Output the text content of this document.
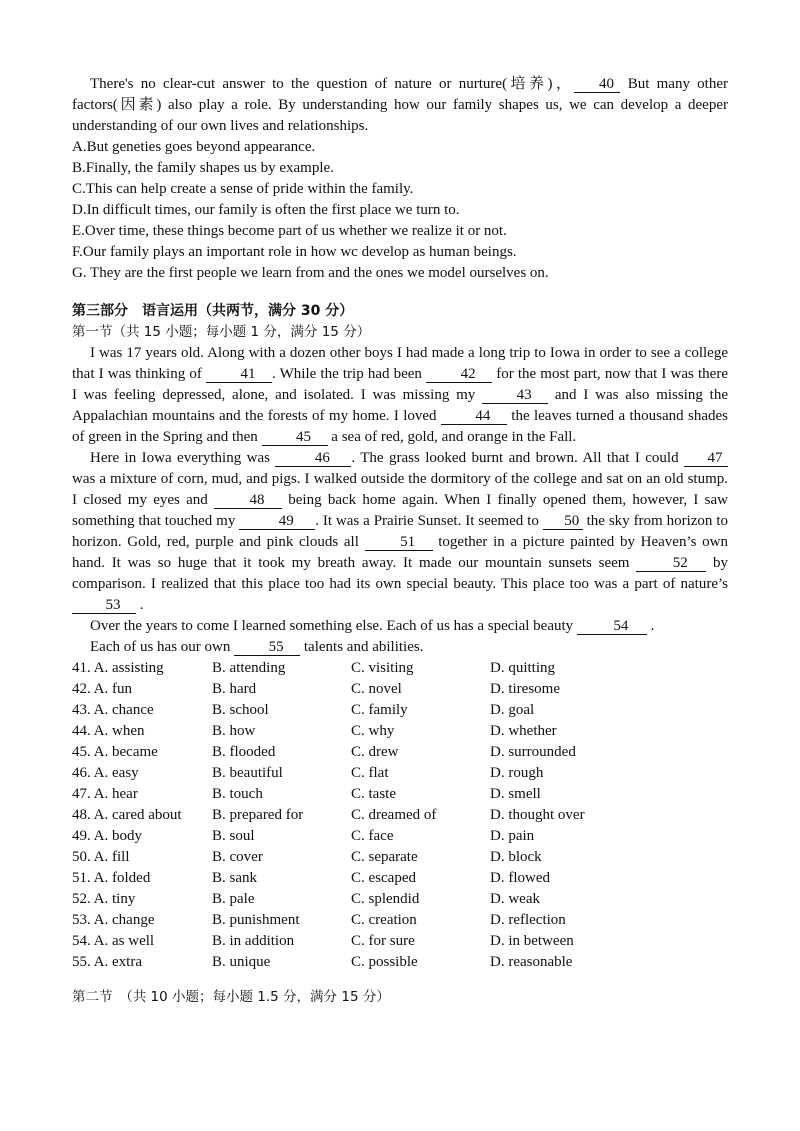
There's no clear-cut answer to the question of nature or nurture(培养)， 40 But many other factors(因素) also play a role. By understanding how our family shapes us, we can develop a deeper understanding of our own lives and relationships.

A.But geneties goes beyond appearance.

B.Finally, the family shapes us by example.

C.This can help create a sense of pride within the family.

D.In difficult times, our family is often the first place we turn to.

E.Over time, these things become part of us whether we realize it or not.

F.Our family plays an important role in how wc develop as human beings.

G. They are the first people we learn from and the ones we model ourselves on.

第三部分　语言运用（共两节，满分 30 分）
第一节（共 15 小题；每小题 1 分，满分 15 分）

I was 17 years old. Along with a dozen other boys I had made a long trip to Iowa in order to see a college that I was thinking of 41 . While the trip had been 42 for the most part, now that I was there I was feeling depressed, alone, and isolated. I was missing my 43 and I was also missing the Appalachian mountains and the forests of my home. I loved 44 the leaves turned a thousand shades of green in the Spring and then 45 a sea of red, gold, and orange in the Fall.

Here in Iowa everything was	46 . The grass looked burnt and brown. All that I could 47 was a mixture of corn, mud, and pigs. I walked outside the dormitory of the college and sat on an old stump. I closed my eyes and 48 being back home again. When I finally opened them, however, I saw something that touched my	49 . It was a Prairie Sunset. It seemed to 50 the sky from horizon to horizon. Gold, red, purple and pink clouds all 51 together in a picture painted by Heaven’s own hand. It was so huge that it took my breath away. It made our mountain sunsets seem 52 by comparison. I realized that this place too had its own special beauty. This place too was a part of nature’s 53 .

Over the years to come I learned something else. Each of us has a special beauty 54 .

Each of us has our own 55 talents and abilities.

41. A. assisting	B. attending	C. visiting	D. quitting
42. A. fun	B. hard	C. novel	D. tiresome
43. A. chance	B. school	C. family	D. goal
44. A. when	B. how	C. why	D. whether
45. A. became	B. flooded	C. drew	D. surrounded
46. A. easy	B. beautiful	C. flat	D. rough
47. A. hear	B. touch	C. taste	D. smell
48. A. cared about	B. prepared for	C. dreamed of	D. thought over
49. A. body	B. soul	C. face	D. pain
50. A. fill	B. cover	C. separate	D. block
51. A. folded	B. sank	C. escaped	D. flowed
52. A. tiny	B. pale	C. splendid	D. weak
53. A. change	B. punishment	C. creation	D. reflection
54. A. as well	B. in addition	C. for sure	D. in between
55. A. extra	B. unique	C. possible	D. reasonable
第二节　（共 10 小题；每小题 1.5 分，满分 15 分）
